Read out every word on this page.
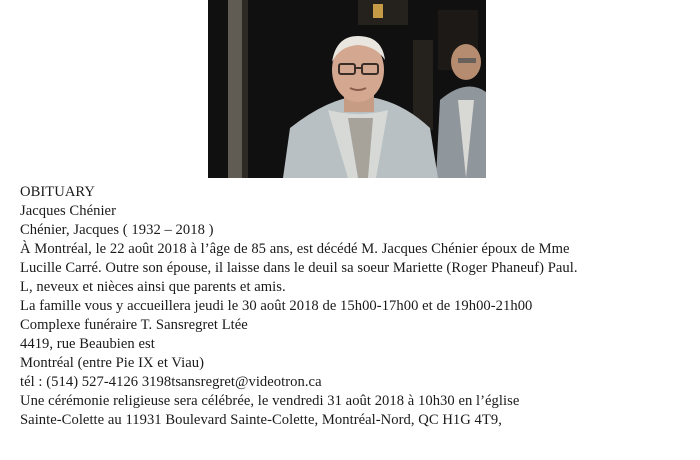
OBITUARY
Jacques Chénier
Chénier, Jacques ( 1932 – 2018 )
À Montréal, le 22 août 2018 à l’âge de 85 ans, est décédé M. Jacques Chénier époux de Mme
Lucille Carré. Outre son épouse, il laisse dans le deuil sa soeur Mariette (Roger Phaneuf) Paul.
L, neveux et nièces ainsi que parents et amis.
La famille vous y accueillera jeudi le 30 août 2018 de 15h00-17h00 et de 19h00-21h00
Complexe funéraire T. Sansregret Ltée
4419, rue Beaubien est
Montréal (entre Pie IX et Viau)
tél : (514) 527-4126 3198tsansregret@videotron.ca
Une cérémonie religieuse sera célébrée, le vendredi 31 août 2018 à 10h30 en l’église
Sainte-Colette au 11931 Boulevard Sainte-Colette, Montréal-Nord, QC H1G 4T9,
